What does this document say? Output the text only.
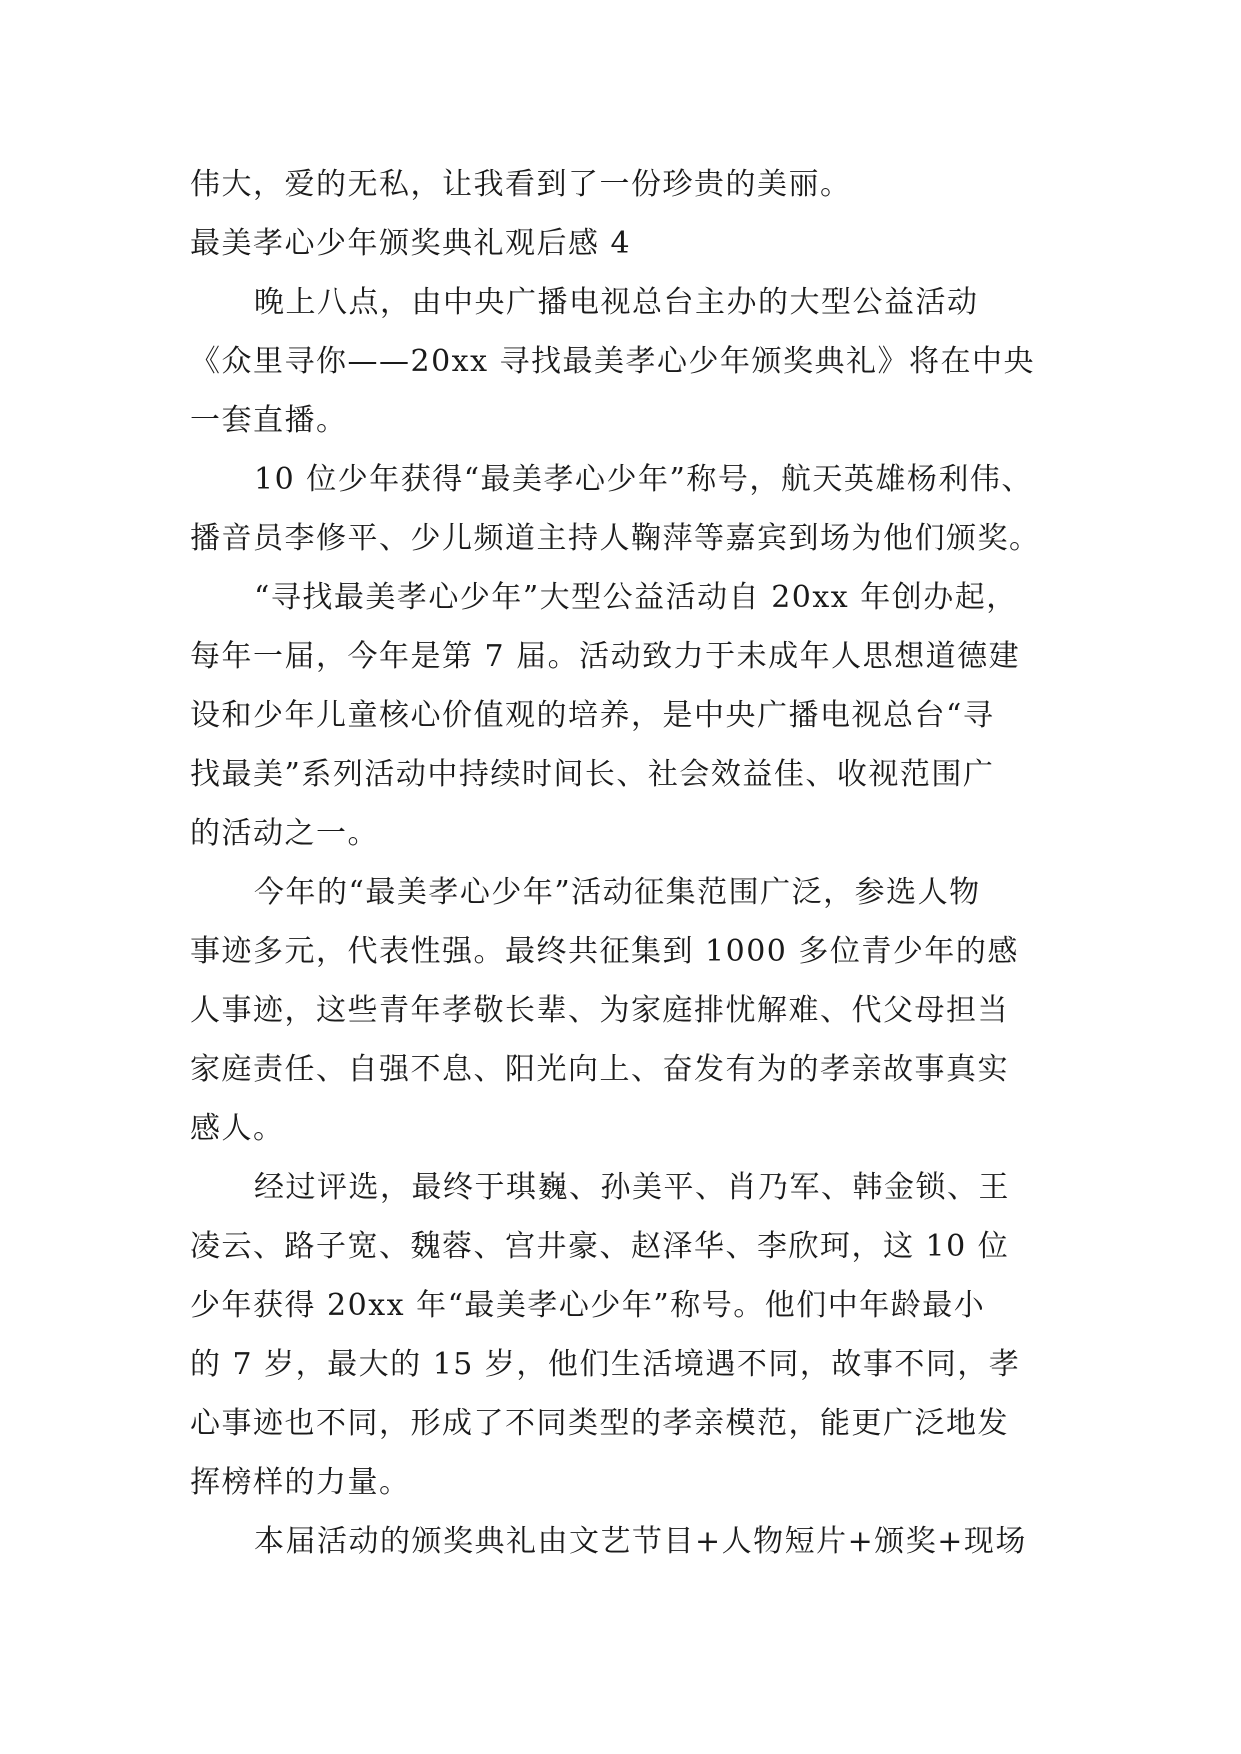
伟大，爱的无私，让我看到了一份珍贵的美丽。

最美孝心少年颁奖典礼观后感 4

晚上八点，由中央广播电视总台主办的大型公益活动
《众里寻你——20xx 寻找最美孝心少年颁奖典礼》将在中央
一套直播。

10 位少年获得“最美孝心少年”称号，航天英雄杨利伟、
播音员李修平、少儿频道主持人鞠萍等嘉宾到场为他们颁奖。

“寻找最美孝心少年”大型公益活动自 20xx 年创办起，
每年一届，今年是第 7 届。活动致力于未成年人思想道德建
设和少年儿童核心价值观的培养，是中央广播电视总台“寻
找最美”系列活动中持续时间长、社会效益佳、收视范围广
的活动之一。

今年的“最美孝心少年”活动征集范围广泛，参选人物
事迹多元，代表性强。最终共征集到 1000 多位青少年的感
人事迹，这些青年孝敬长辈、为家庭排忧解难、代父母担当
家庭责任、自强不息、阳光向上、奋发有为的孝亲故事真实
感人。

经过评选，最终于琪巍、孙美平、肖乃军、韩金锁、王
凌云、路子宽、魏蓉、宫井豪、赵泽华、李欣珂，这 10 位
少年获得 20xx 年“最美孝心少年”称号。他们中年龄最小
的 7 岁，最大的 15 岁，他们生活境遇不同，故事不同，孝
心事迹也不同，形成了不同类型的孝亲模范，能更广泛地发
挥榜样的力量。

本届活动的颁奖典礼由文艺节目+人物短片+颁奖+现场
